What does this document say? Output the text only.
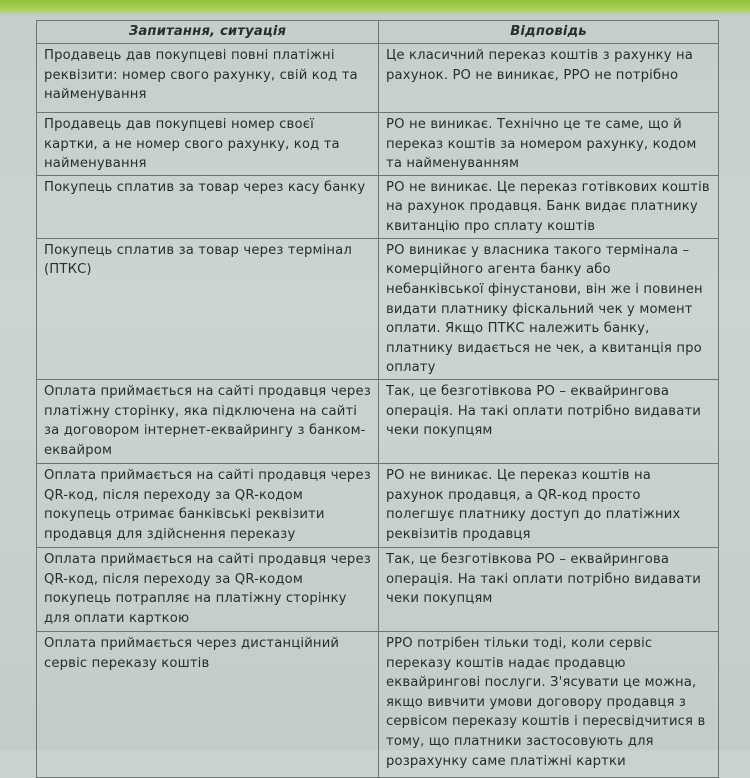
Запитання, ситуація	Відповідь
Продавець дав покупцеві повні платіжні реквізити: номер свого рахунку, свій код та найменування	Це класичний переказ коштів з рахунку на рахунок. РО не виникає, РРО не потрібно
Продавець дав покупцеві номер своєї картки, а не номер свого рахунку, код та найменування	РО не виникає. Технічно це те саме, що й переказ коштів за номером рахунку, кодом та найменуванням
Покупець сплатив за товар через касу банку	РО не виникає. Це переказ готівкових коштів на рахунок продавця. Банк видає платнику квитанцію про сплату коштів
Покупець сплатив за товар через термінал (ПТКС)	РО виникає у власника такого термінала – комерційного агента банку або небанківської фінустанови, він же і повинен видати платнику фіскальний чек у момент оплати. Якщо ПТКС належить банку, платнику видається не чек, а квитанція про оплату
Оплата приймається на сайті продавця через платіжну сторінку, яка підключена на сайті за договором інтернет-еквайрингу з банком-еквайром	Так, це безготівкова РО – еквайрингова операція. На такі оплати потрібно видавати чеки покупцям
Оплата приймається на сайті продавця через QR-код, після переходу за QR-кодом покупець отримає банківські реквізити продавця для здійснення переказу	РО не виникає. Це переказ коштів на рахунок продавця, а QR-код просто полегшує платнику доступ до платіжних реквізитів продавця
Оплата приймається на сайті продавця через QR-код, після переходу за QR-кодом покупець потрапляє на платіжну сторінку для оплати карткою	Так, це безготівкова РО – еквайрингова операція. На такі оплати потрібно видавати чеки покупцям
Оплата приймається через дистанційний сервіс переказу коштів	РРО потрібен тільки тоді, коли сервіс переказу коштів надає продавцю еквайрингові послуги. З'ясувати це можна, якщо вивчити умови договору продавця з сервісом переказу коштів і пересвідчитися в тому, що платники застосовують для розрахунку саме платіжні картки
